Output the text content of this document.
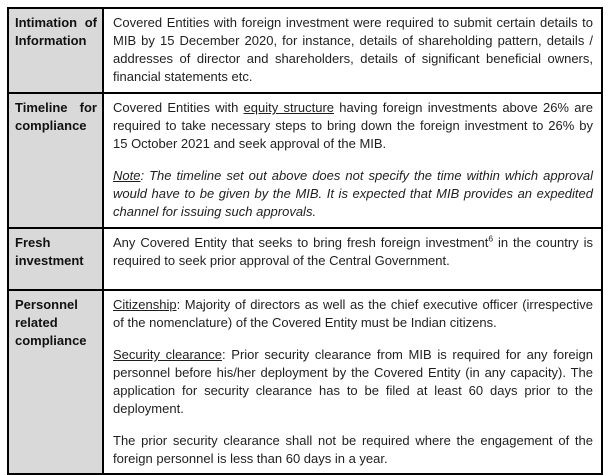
Intimation of Information	Covered Entities with foreign investment were required to submit certain details to MIB by 15 December 2020, for instance, details of shareholding pattern, details / addresses of director and shareholders, details of significant beneficial owners, financial statements etc.

Timeline for compliance	Covered Entities with equity structure having foreign investments above 26% are required to take necessary steps to bring down the foreign investment to 26% by 15 October 2021 and seek approval of the MIB.

Note: The timeline set out above does not specify the time within which approval would have to be given by the MIB. It is expected that MIB provides an expedited channel for issuing such approvals.

Fresh investment	Any Covered Entity that seeks to bring fresh foreign investment$^6$ in the country is required to seek prior approval of the Central Government.

Personnel related compliance	Citizenship: Majority of directors as well as the chief executive officer (irrespective of the nomenclature) of the Covered Entity must be Indian citizens.

Security clearance: Prior security clearance from MIB is required for any foreign personnel before his/her deployment by the Covered Entity (in any capacity). The application for security clearance has to be filed at least 60 days prior to the deployment.

The prior security clearance shall not be required where the engagement of the foreign personnel is less than 60 days in a year.
